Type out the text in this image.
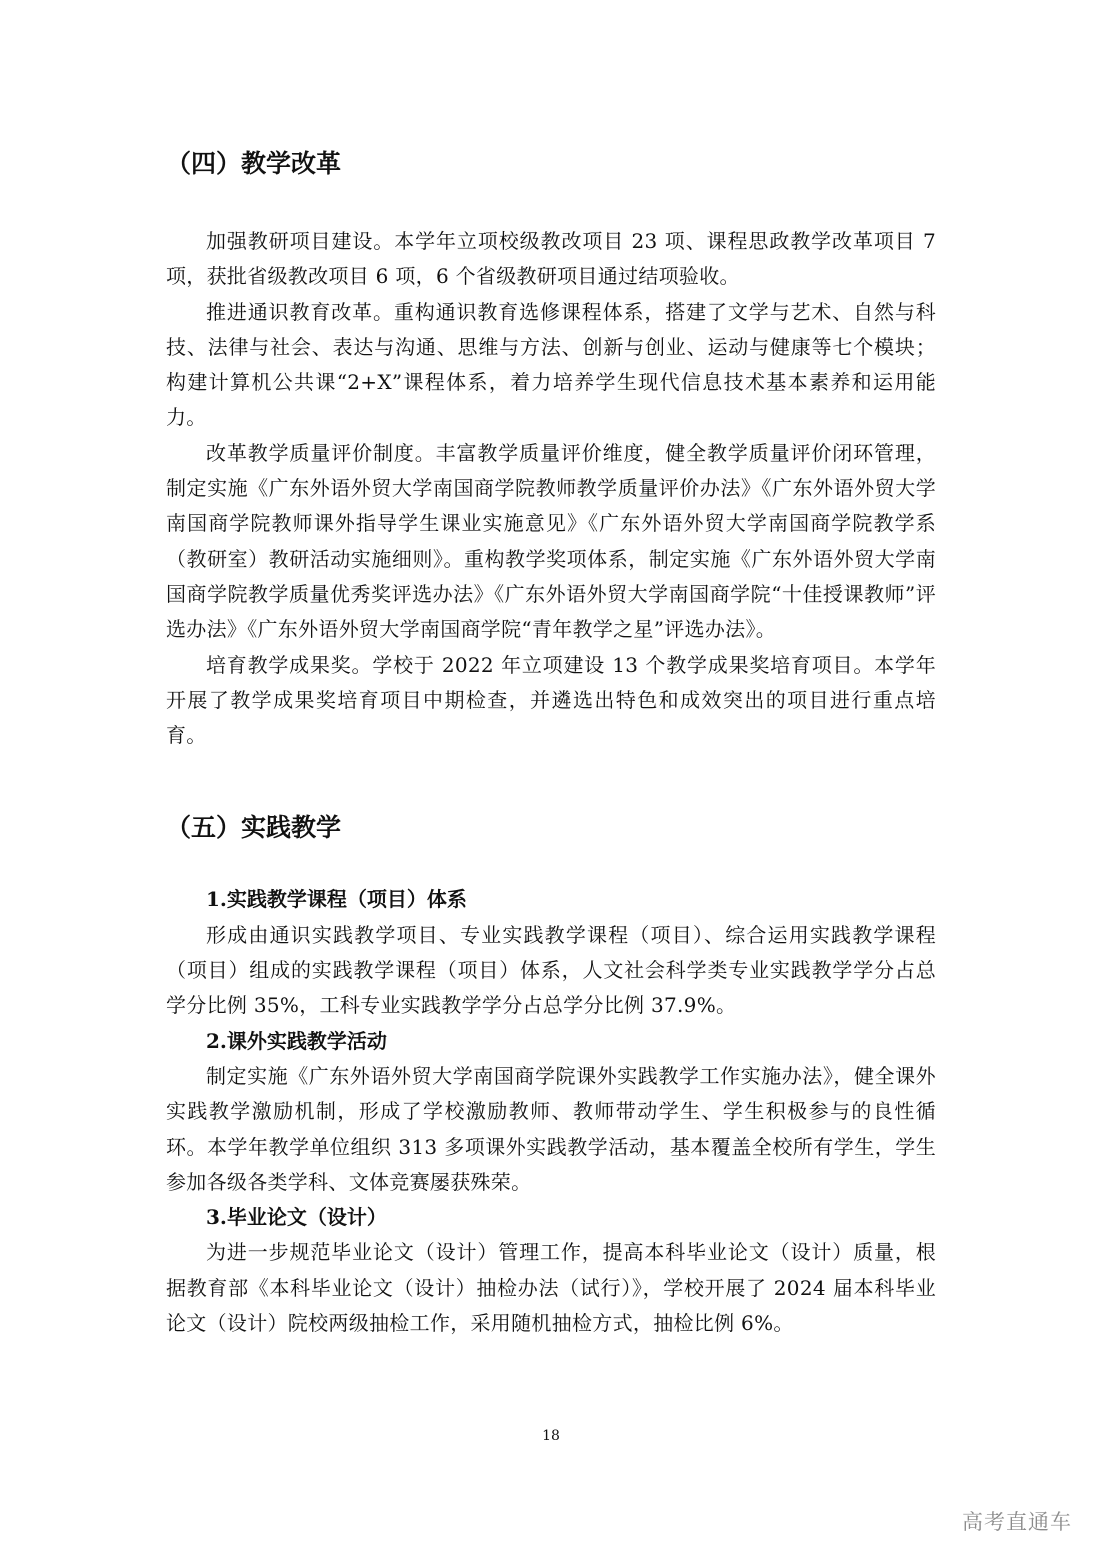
（四）教学改革

加强教研项目建设。本学年立项校级教改项目 23 项、课程思政教学改革项目 7 项，获批省级教改项目 6 项，6 个省级教研项目通过结项验收。

推进通识教育改革。重构通识教育选修课程体系，搭建了文学与艺术、自然与科技、法律与社会、表达与沟通、思维与方法、创新与创业、运动与健康等七个模块；构建计算机公共课“2+X”课程体系，着力培养学生现代信息技术基本素养和运用能力。

改革教学质量评价制度。丰富教学质量评价维度，健全教学质量评价闭环管理，制定实施《广东外语外贸大学南国商学院教师教学质量评价办法》《广东外语外贸大学南国商学院教师课外指导学生课业实施意见》《广东外语外贸大学南国商学院教学系（教研室）教研活动实施细则》。重构教学奖项体系，制定实施《广东外语外贸大学南国商学院教学质量优秀奖评选办法》《广东外语外贸大学南国商学院“十佳授课教师”评选办法》《广东外语外贸大学南国商学院“青年教学之星”评选办法》。

培育教学成果奖。学校于 2022 年立项建设 13 个教学成果奖培育项目。本学年开展了教学成果奖培育项目中期检查，并遴选出特色和成效突出的项目进行重点培育。

（五）实践教学

1.实践教学课程（项目）体系

形成由通识实践教学项目、专业实践教学课程（项目）、综合运用实践教学课程（项目）组成的实践教学课程（项目）体系，人文社会科学类专业实践教学学分占总学分比例 35%，工科专业实践教学学分占总学分比例 37.9%。

2.课外实践教学活动

制定实施《广东外语外贸大学南国商学院课外实践教学工作实施办法》，健全课外实践教学激励机制，形成了学校激励教师、教师带动学生、学生积极参与的良性循环。本学年教学单位组织 313 多项课外实践教学活动，基本覆盖全校所有学生，学生参加各级各类学科、文体竞赛屡获殊荣。

3.毕业论文（设计）

为进一步规范毕业论文（设计）管理工作，提高本科毕业论文（设计）质量，根据教育部《本科毕业论文（设计）抽检办法（试行）》，学校开展了 2024 届本科毕业论文（设计）院校两级抽检工作，采用随机抽检方式，抽检比例 6%。

18
高考直通车
